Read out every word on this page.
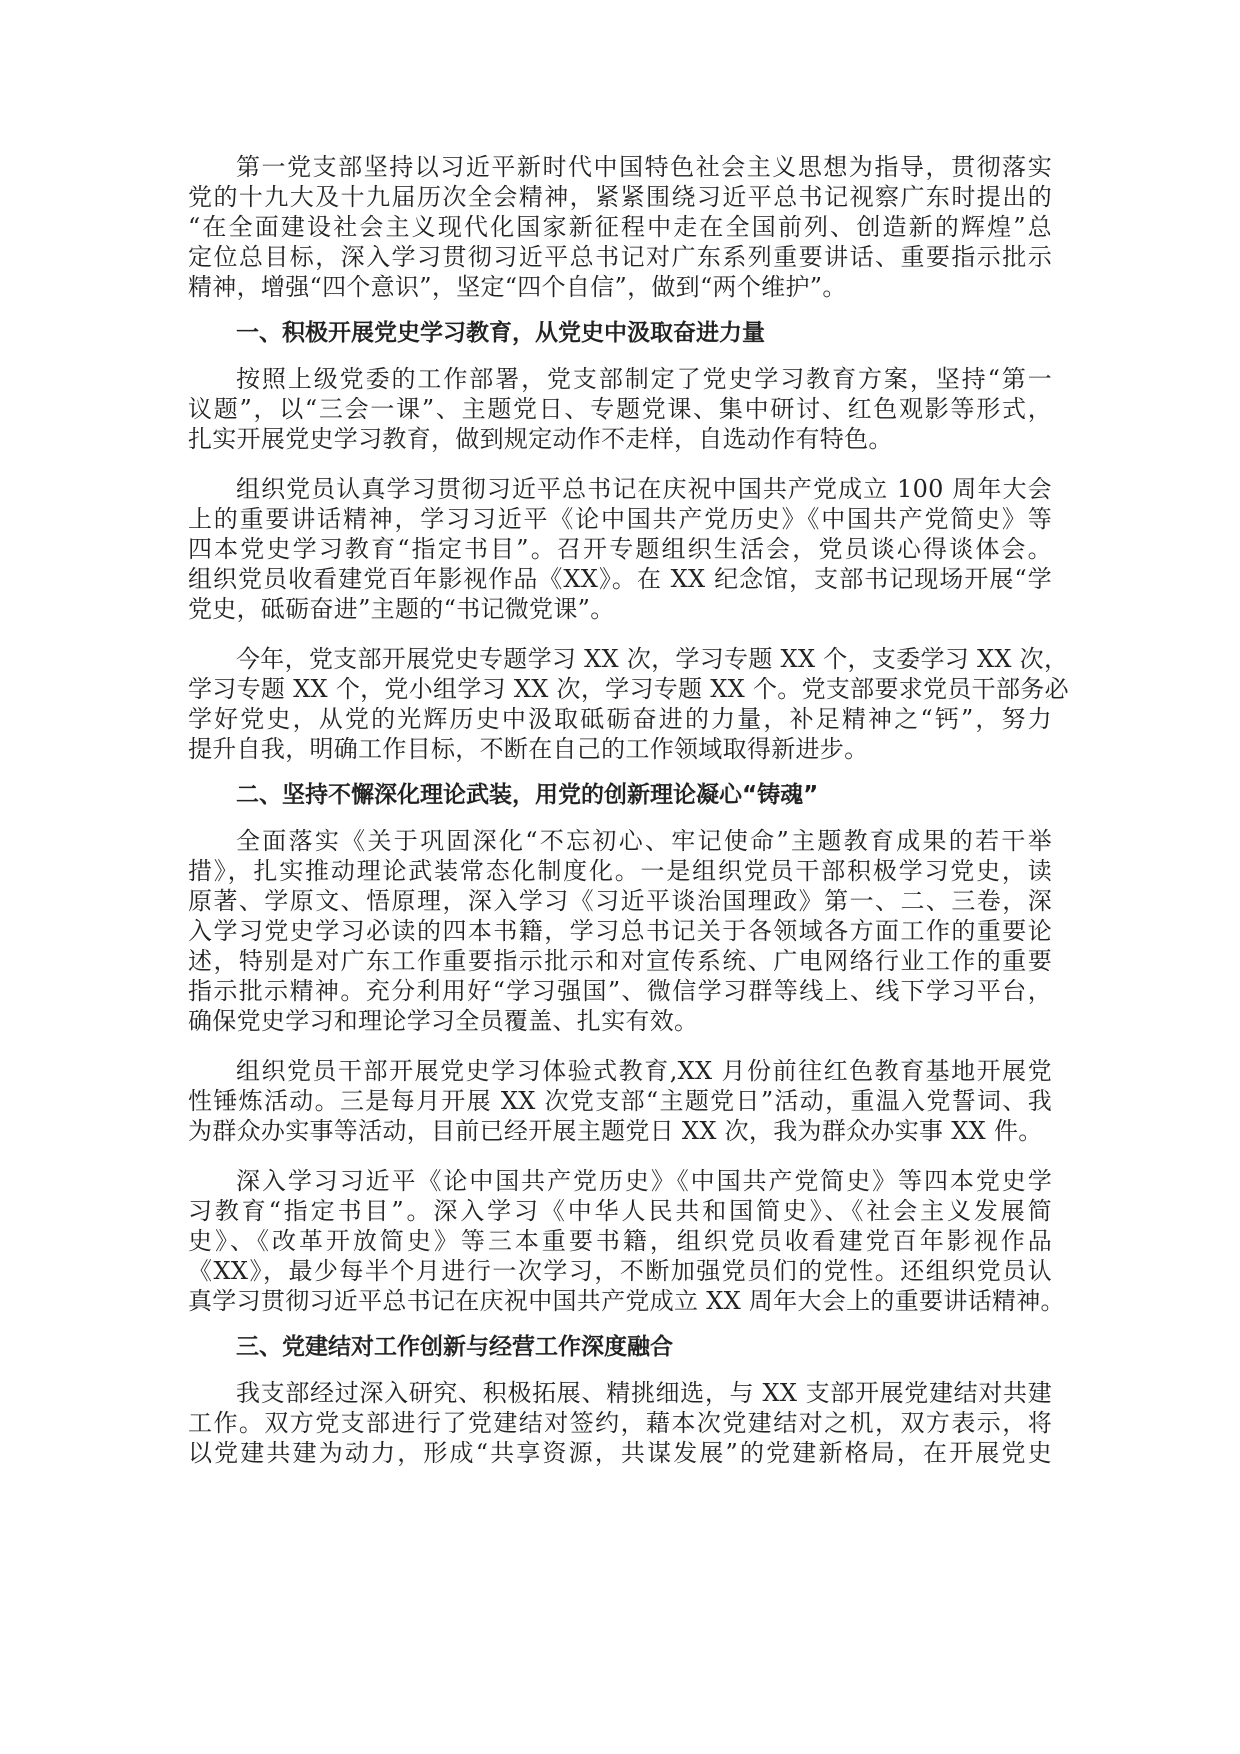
第一党支部坚持以习近平新时代中国特色社会主义思想为指导，贯彻落实
党的十九大及十九届历次全会精神，紧紧围绕习近平总书记视察广东时提出的
“在全面建设社会主义现代化国家新征程中走在全国前列、创造新的辉煌”总
定位总目标，深入学习贯彻习近平总书记对广东系列重要讲话、重要指示批示
精神，增强“四个意识”，坚定“四个自信”，做到“两个维护”。

一、积极开展党史学习教育，从党史中汲取奋进力量

按照上级党委的工作部署，党支部制定了党史学习教育方案，坚持“第一
议题”，以“三会一课”、主题党日、专题党课、集中研讨、红色观影等形式，
扎实开展党史学习教育，做到规定动作不走样，自选动作有特色。

组织党员认真学习贯彻习近平总书记在庆祝中国共产党成立 100 周年大会
上的重要讲话精神，学习习近平《论中国共产党历史》《中国共产党简史》等
四本党史学习教育“指定书目”。召开专题组织生活会，党员谈心得谈体会。
组织党员收看建党百年影视作品《XX》。在 XX 纪念馆，支部书记现场开展“学
党史，砥砺奋进”主题的“书记微党课”。

今年，党支部开展党史专题学习 XX 次，学习专题 XX 个，支委学习 XX 次，
学习专题 XX 个，党小组学习 XX 次，学习专题 XX 个。党支部要求党员干部务必
学好党史，从党的光辉历史中汲取砥砺奋进的力量，补足精神之“钙”，努力
提升自我，明确工作目标，不断在自己的工作领域取得新进步。

二、坚持不懈深化理论武装，用党的创新理论凝心“铸魂”

全面落实《关于巩固深化“不忘初心、牢记使命”主题教育成果的若干举
措》，扎实推动理论武装常态化制度化。一是组织党员干部积极学习党史，读
原著、学原文、悟原理，深入学习《习近平谈治国理政》第一、二、三卷，深
入学习党史学习必读的四本书籍，学习总书记关于各领域各方面工作的重要论
述，特别是对广东工作重要指示批示和对宣传系统、广电网络行业工作的重要
指示批示精神。充分利用好“学习强国”、微信学习群等线上、线下学习平台，
确保党史学习和理论学习全员覆盖、扎实有效。

组织党员干部开展党史学习体验式教育,XX 月份前往红色教育基地开展党
性锤炼活动。三是每月开展 XX 次党支部“主题党日”活动，重温入党誓词、我
为群众办实事等活动，目前已经开展主题党日 XX 次，我为群众办实事 XX 件。

深入学习习近平《论中国共产党历史》《中国共产党简史》等四本党史学
习教育“指定书目”。深入学习《中华人民共和国简史》、《社会主义发展简
史》、《改革开放简史》等三本重要书籍，组织党员收看建党百年影视作品
《XX》，最少每半个月进行一次学习，不断加强党员们的党性。还组织党员认
真学习贯彻习近平总书记在庆祝中国共产党成立 XX 周年大会上的重要讲话精神。

三、党建结对工作创新与经营工作深度融合

我支部经过深入研究、积极拓展、精挑细选，与 XX 支部开展党建结对共建
工作。双方党支部进行了党建结对签约，藉本次党建结对之机，双方表示，将
以党建共建为动力，形成“共享资源，共谋发展”的党建新格局，在开展党史
